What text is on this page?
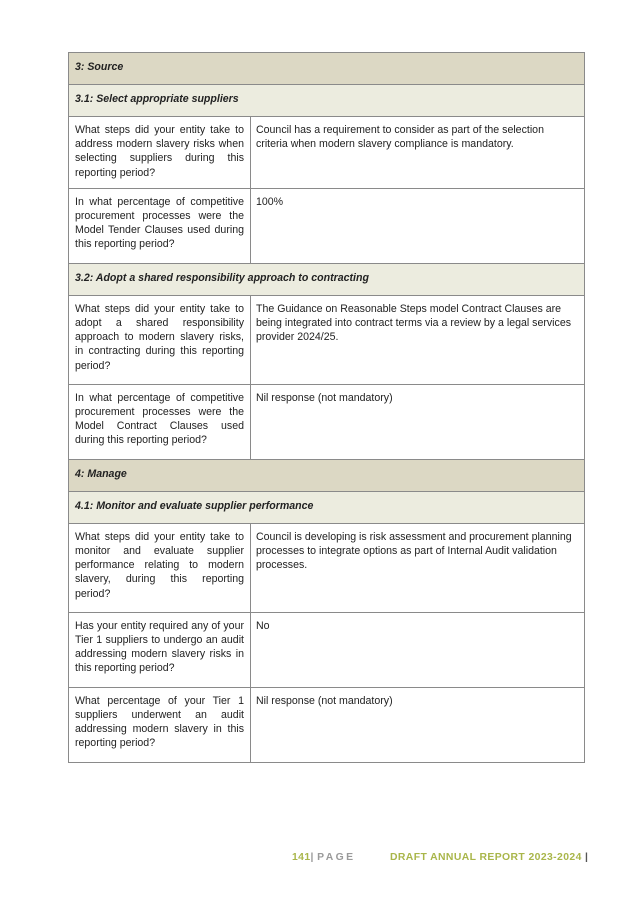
3: Source	
3.1: Select appropriate suppliers	
What steps did your entity take to address modern slavery risks when selecting suppliers during this reporting period?	Council has a requirement to consider as part of the selection criteria when modern slavery compliance is mandatory.
In what percentage of competitive procurement processes were the Model Tender Clauses used during this reporting period?	100%
3.2: Adopt a shared responsibility approach to contracting	
What steps did your entity take to adopt a shared responsibility approach to modern slavery risks, in contracting during this reporting period?	The Guidance on Reasonable Steps model Contract Clauses are being integrated into contract terms via a review by a legal services provider 2024/25.
In what percentage of competitive procurement processes were the Model Contract Clauses used during this reporting period?	Nil response (not mandatory)
4: Manage	
4.1: Monitor and evaluate supplier performance	
What steps did your entity take to monitor and evaluate supplier performance relating to modern slavery, during this reporting period?	Council is developing is risk assessment and procurement planning processes to integrate options as part of Internal Audit validation processes.
Has your entity required any of your Tier 1 suppliers to undergo an audit addressing modern slavery risks in this reporting period?	No
What percentage of your Tier 1 suppliers underwent an audit addressing modern slavery in this reporting period?	Nil response (not mandatory)
141| PAGE	DRAFT ANNUAL REPORT 2023-2024 |
